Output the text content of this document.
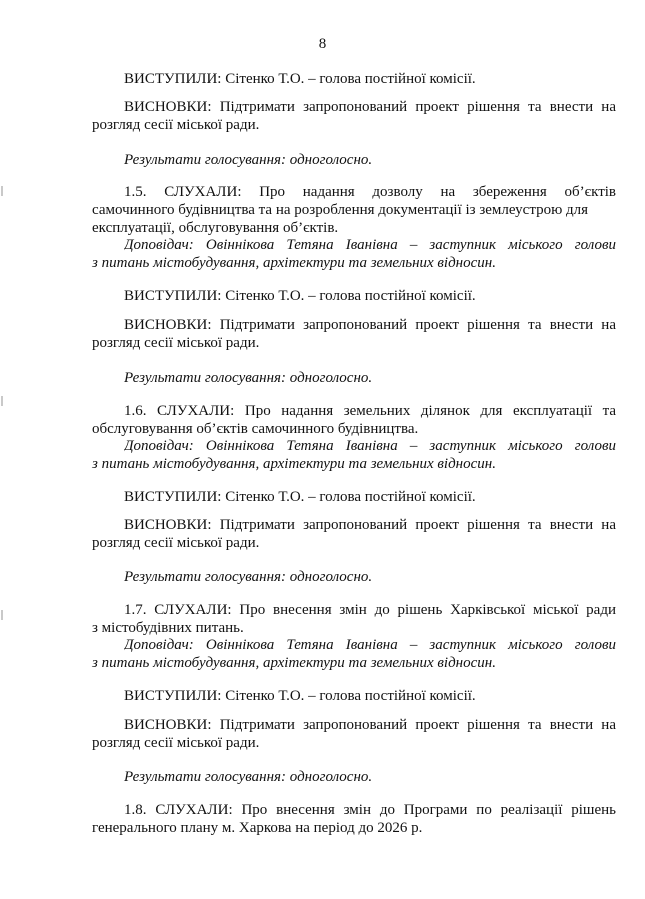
8
ВИСТУПИЛИ: Сітенко Т.О. – голова постійної комісії.
ВИСНОВКИ: Підтримати запропонований проект рішення та внести на
розгляд сесії міської ради.
Результати голосування: одноголосно.
1.5. СЛУХАЛИ: Про надання дозволу на збереження об’єктів
самочинного будівництва та на розроблення документації із землеустрою для
експлуатації, обслуговування об’єктів.
Доповідач: Овіннікова Тетяна Іванівна – заступник міського голови
з питань містобудування, архітектури та земельних відносин.
ВИСТУПИЛИ: Сітенко Т.О. – голова постійної комісії.
ВИСНОВКИ: Підтримати запропонований проект рішення та внести на
розгляд сесії міської ради.
Результати голосування: одноголосно.
1.6. СЛУХАЛИ: Про надання земельних ділянок для експлуатації та
обслуговування об’єктів самочинного будівництва.
Доповідач: Овіннікова Тетяна Іванівна – заступник міського голови
з питань містобудування, архітектури та земельних відносин.
ВИСТУПИЛИ: Сітенко Т.О. – голова постійної комісії.
ВИСНОВКИ: Підтримати запропонований проект рішення та внести на
розгляд сесії міської ради.
Результати голосування: одноголосно.
1.7. СЛУХАЛИ: Про внесення змін до рішень Харківської міської ради
з містобудівних питань.
Доповідач: Овіннікова Тетяна Іванівна – заступник міського голови
з питань містобудування, архітектури та земельних відносин.
ВИСТУПИЛИ: Сітенко Т.О. – голова постійної комісії.
ВИСНОВКИ: Підтримати запропонований проект рішення та внести на
розгляд сесії міської ради.
Результати голосування: одноголосно.
1.8. СЛУХАЛИ: Про внесення змін до Програми по реалізації рішень
генерального плану м. Харкова на період до 2026 р.
